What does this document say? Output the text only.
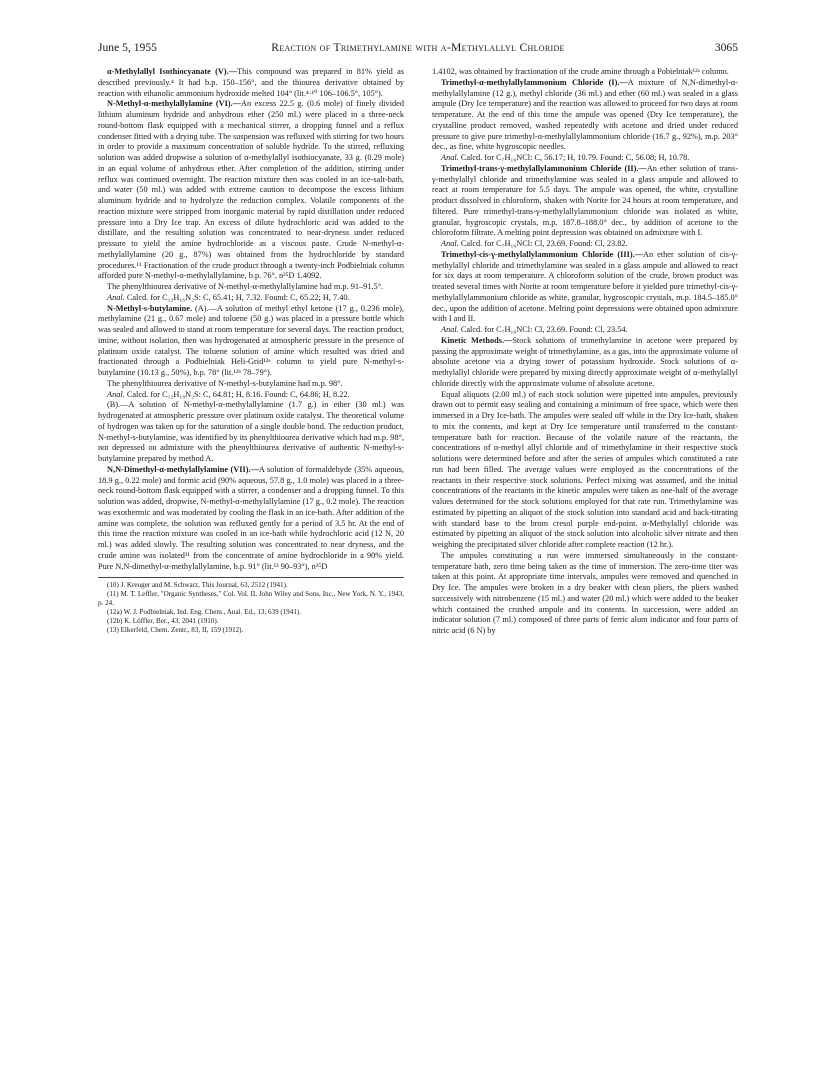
June 5, 1955	Reaction of Trimethylamine with α-Methylallyl Chloride	3065

α-Methylallyl Isothiocyanate (V).—This compound was prepared in 81% yield as described previously.⁴ It had b.p. 150–156°, and the thiourea derivative obtained by reaction with ethanolic ammonium hydroxide melted 104° (lit.⁴·¹⁰ 106–106.5°, 105°).

N-Methyl-α-methylallylamine (VI).—An excess 22.5 g. (0.6 mole) of finely divided lithium aluminum hydride and anhydrous ether (250 ml.) were placed in a three-neck round-bottom flask equipped with a mechanical stirrer, a dropping funnel and a reflux condenser fitted with a drying tube. The suspension was refluxed with stirring for two hours in order to provide a maximum concentration of soluble hydride. To the stirred, refluxing solution was added dropwise a solution of α-methylallyl isothiocyanate, 33 g. (0.29 mole) in an equal volume of anhydrous ether. After completion of the addition, stirring under reflux was continued overnight. The reaction mixture then was cooled in an ice-salt-bath, and water (50 ml.) was added with extreme caution to decompose the excess lithium aluminum hydride and to hydrolyze the reduction complex. Volatile components of the reaction mixture were stripped from inorganic material by rapid distillation under reduced pressure into a Dry Ice trap. An excess of dilute hydrochloric acid was added to the distillate, and the resulting solution was concentrated to near-dryness under reduced pressure to yield the amine hydrochloride as a viscous paste. Crude N-methyl-α-methylallylamine (20 g., 87%) was obtained from the hydrochloride by standard procedures.¹¹ Fractionation of the crude product through a twenty-inch Podbielniak column afforded pure N-methyl-α-methylallylamine, b.p. 76°, n²⁵D 1.4092.

The phenylthiourea derivative of N-methyl-α-methylallylamine had m.p. 91–91.5°.

Anal. Calcd. for C₁₂H₁₆N₂S: C, 65.41; H, 7.32. Found: C, 65.22; H, 7.40.

N-Methyl-s-butylamine. (A).—A solution of methyl ethyl ketone (17 g., 0.236 mole), methylamine (21 g., 0.67 mole) and toluene (50 g.) was placed in a pressure bottle which was sealed and allowed to stand at room temperature for several days. The reaction product, imine, without isolation, then was hydrogenated at atmospheric pressure in the presence of platinum oxide catalyst. The toluene solution of amine which resulted was dried and fractionated through a Podbielniak Heli-Grid¹²ᵃ column to yield pure N-methyl-s-butylamine (10.13 g., 50%), b.p. 78° (lit.¹²ᵇ 78–79°).

The phenylthiourea derivative of N-methyl-s-butylamine had m.p. 98°.

Anal. Calcd. for C₁₂H₁₈N₂S: C, 64.81; H, 8.16. Found: C, 64.86; H, 8.22.

(B).—A solution of N-methyl-α-methylallylamine (1.7 g.) in ether (30 ml.) was hydrogenated at atmospheric pressure over platinum oxide catalyst. The theoretical volume of hydrogen was taken up for the saturation of a single double bond. The reduction product, N-methyl-s-butylamine, was identified by its phenylthiourea derivative which had m.p. 98°, not depressed on admixture with the phenylthiourea derivative of authentic N-methyl-s-butylamine prepared by method A.

N,N-Dimethyl-α-methylallylamine (VII).—A solution of formaldehyde (35% aqueous, 18.9 g., 0.22 mole) and formic acid (90% aqueous, 57.8 g., 1.0 mole) was placed in a three-neck round-bottom flask equipped with a stirrer, a condenser and a dropping funnel. To this solution was added, dropwise, N-methyl-α-methylallylamine (17 g., 0.2 mole). The reaction was exothermic and was moderated by cooling the flask in an ice-bath. After addition of the amine was complete, the solution was refluxed gently for a period of 3.5 hr. At the end of this time the reaction mixture was cooled in an ice-bath while hydrochloric acid (12 N, 20 ml.) was added slowly. The resulting solution was concentrated to near dryness, and the crude amine was isolated¹¹ from the concentrate of amine hydrochloride in a 90% yield. Pure N,N-dimethyl-α-methylallylamine, b.p. 91° (lit.¹³ 90–93°), n²⁵D

(10) J. Kreuger and M. Schwarz, This Journal, 63, 2512 (1941).

(11) M. T. Leffler, "Organic Syntheses," Col. Vol. II, John Wiley and Sons, Inc., New York, N. Y., 1943, p. 24.

(12a) W. J. Podbielniak, Ind. Eng. Chem., Anal. Ed., 13, 639 (1941).

(12b) K. Löffler, Ber., 43, 2041 (1910).

(13) Elkerfeld, Chem. Zentr., 83, II, 159 (1912).

1.4102, was obtained by fractionation of the crude amine through a Pobielniak¹²ᵃ column.

Trimethyl-α-methylallylammonium Chloride (I).—A mixture of N,N-dimethyl-α-methylallylamine (12 g.), methyl chloride (36 ml.) and ether (60 ml.) was sealed in a glass ampule (Dry Ice temperature) and the reaction was allowed to proceed for two days at room temperature. At the end of this time the ampule was opened (Dry Ice temperature), the crystalline product removed, washed repeatedly with acetone and dried under reduced pressure to give pure trimethyl-α-methylallylammonium chloride (16.7 g., 92%), m.p. 203° dec., as fine, white hygroscopic needles.

Anal. Calcd. for C₇H₁₆NCl: C, 56.17; H, 10.79. Found: C, 56.08; H, 10.78.

Trimethyl-trans-γ-methylallylammonium Chloride (II).—An ether solution of trans-γ-methylallyl chloride and trimethylamine was sealed in a glass ampule and allowed to react at room temperature for 5.5 days. The ampule was opened, the white, crystalline product dissolved in chloroform, shaken with Norite for 24 hours at room temperature, and filtered. Pure trimethyl-trans-γ-methylallylammonium chloride was isolated as white, granular, hygroscopic crystals, m.p. 187.8–188.0° dec., by addition of acetone to the chloroform filtrate. A melting point depression was obtained on admixture with I.

Anal. Calcd. for C₇H₁₆NCl: Cl, 23.69. Found: Cl, 23.82.

Trimethyl-cis-γ-methylallylammonium Chloride (III).—An ether solution of cis-γ-methylallyl chloride and trimethylamine was sealed in a glass ampule and allowed to react for six days at room temperature. A chloroform solution of the crude, brown product was treated several times with Norite at room temperature before it yielded pure trimethyl-cis-γ-methylallylammonium chloride as white, granular, hygroscopic crystals, m.p. 184.5–185.0° dec., upon the addition of acetone. Melting point depressions were obtained upon admixture with I and II.

Anal. Calcd. for C₇H₁₆NCl: Cl, 23.69. Found: Cl, 23.54.

Kinetic Methods.—Stock solutions of trimethylamine in acetone were prepared by passing the approximate weight of trimethylamine, as a gas, into the approximate volume of absolute acetone via a drying tower of potassium hydroxide. Stock solutions of α-methylallyl chloride were prepared by mixing directly approximate weight of α-methylallyl chloride directly with the approximate volume of absolute acetone.

Equal aliquots (2.00 ml.) of each stock solution were pipetted into ampules, previously drawn out to permit easy sealing and containing a minimum of free space, which were then immersed in a Dry Ice-bath. The ampules were sealed off while in the Dry Ice-bath, shaken to mix the contents, and kept at Dry Ice temperature until transferred to the constant-temperature bath for reaction. Because of the volatile nature of the reactants, the concentrations of α-methyl allyl chloride and of trimethylamine in their respective stock solutions were determined before and after the series of ampules which constituted a rate run had been filled. The average values were employed as the concentrations of the reactants in their respective stock solutions. Perfect mixing was assumed, and the initial concentrations of the reactants in the kinetic ampules were taken as one-half of the average values determined for the stock solutions employed for that rate run. Trimethylamine was estimated by pipetting an aliquot of the stock solution into standard acid and back-titrating with standard base to the brom cresol purple end-point. α-Methylallyl chloride was estimated by pipetting an aliquot of the stock solution into alcoholic silver nitrate and then weighing the precipitated silver chloride after complete reaction (12 hr.).

The ampules constituting a run were immersed simultaneously in the constant-temperature bath, zero time being taken as the time of immersion. The zero-time titer was taken at this point. At appropriate time intervals, ampules were removed and quenched in Dry Ice. The ampules were broken in a dry beaker with clean pliers, the pliers washed successively with nitrobenzene (15 ml.) and water (20 ml.) which were added to the beaker which contained the crushed ampule and its contents. In succession, were added an indicator solution (7 ml.) composed of three parts of ferric alum indicator and four parts of nitric acid (6 N) by
